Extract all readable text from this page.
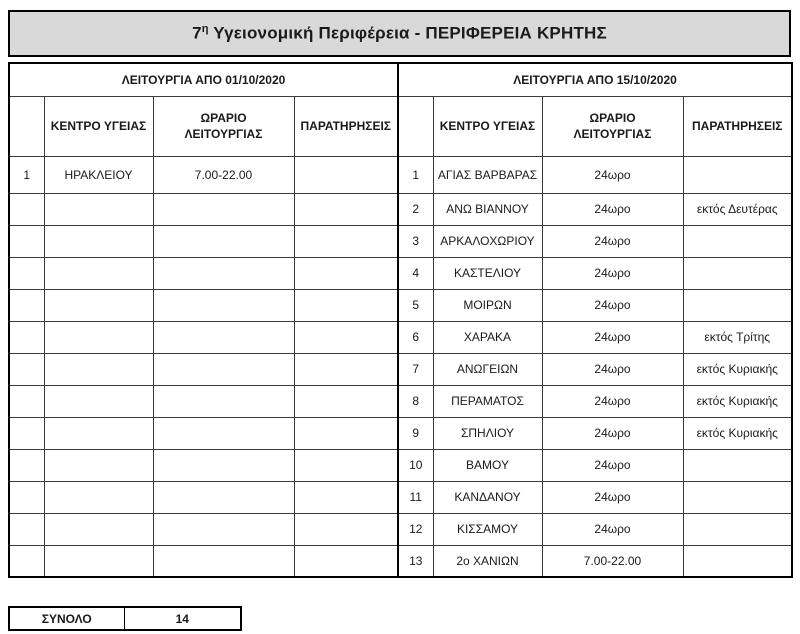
$7^\eta$ Υγειονομική Περιφέρεια - ΠΕΡΙΦΕΡΕΙΑ ΚΡΗΤΗΣ
ΛΕΙΤΟΥΡΓΙΑ ΑΠΟ 01/10/2020				ΛΕΙΤΟΥΡΓΙΑ ΑΠΟ 15/10/2020			
	ΚΕΝΤΡΟ ΥΓΕΙΑΣ	ΩΡΑΡΙΟ ΛΕΙΤΟΥΡΓΙΑΣ	ΠΑΡΑΤΗΡΗΣΕΙΣ		ΚΕΝΤΡΟ ΥΓΕΙΑΣ	ΩΡΑΡΙΟ ΛΕΙΤΟΥΡΓΙΑΣ	ΠΑΡΑΤΗΡΗΣΕΙΣ
1	ΗΡΑΚΛΕΙΟΥ	7.00-22.00		1	ΑΓΙΑΣ ΒΑΡΒΑΡΑΣ	24ωρο	
				2	ΑΝΩ ΒΙΑΝΝΟΥ	24ωρο	εκτός Δευτέρας
				3	ΑΡΚΑΛΟΧΩΡΙΟΥ	24ωρο	
				4	ΚΑΣΤΕΛΙΟΥ	24ωρο	
				5	ΜΟΙΡΩΝ	24ωρο	
				6	ΧΑΡΑΚΑ	24ωρο	εκτός Τρίτης
				7	ΑΝΩΓΕΙΩΝ	24ωρο	εκτός Κυριακής
				8	ΠΕΡΑΜΑΤΟΣ	24ωρο	εκτός Κυριακής
				9	ΣΠΗΛΙΟΥ	24ωρο	εκτός Κυριακής
				10	ΒΑΜΟΥ	24ωρο	
				11	ΚΑΝΔΑΝΟΥ	24ωρο	
				12	ΚΙΣΣΑΜΟΥ	24ωρο	
				13	2ο ΧΑΝΙΩΝ	7.00-22.00	
ΣΥΝΟΛΟ	14
